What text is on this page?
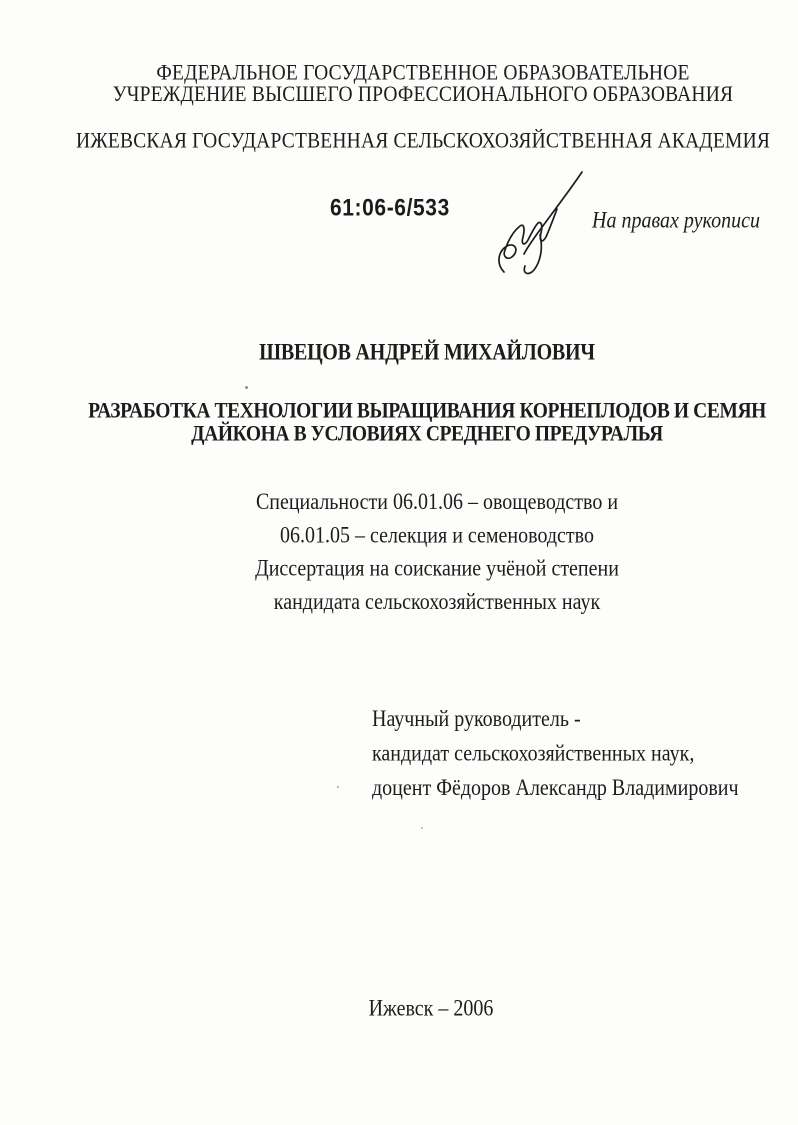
ФЕДЕРАЛЬНОЕ ГОСУДАРСТВЕННОЕ ОБРАЗОВАТЕЛЬНОЕ
УЧРЕЖДЕНИЕ ВЫСШЕГО ПРОФЕССИОНАЛЬНОГО ОБРАЗОВАНИЯ
ИЖЕВСКАЯ ГОСУДАРСТВЕННАЯ СЕЛЬСКОХОЗЯЙСТВЕННАЯ АКАДЕМИЯ
61:06-6/533	На правах рукописи
ШВЕЦОВ АНДРЕЙ МИХАЙЛОВИЧ
РАЗРАБОТКА ТЕХНОЛОГИИ ВЫРАЩИВАНИЯ КОРНЕПЛОДОВ И СЕМЯН
ДАЙКОНА В УСЛОВИЯХ СРЕДНЕГО ПРЕДУРАЛЬЯ
Специальности 06.01.06 – овощеводство и
06.01.05 – селекция и семеноводство
Диссертация на соискание учёной степени
кандидата сельскохозяйственных наук
Научный руководитель -
кандидат сельскохозяйственных наук,
доцент Фёдоров Александр Владимирович
Ижевск – 2006
